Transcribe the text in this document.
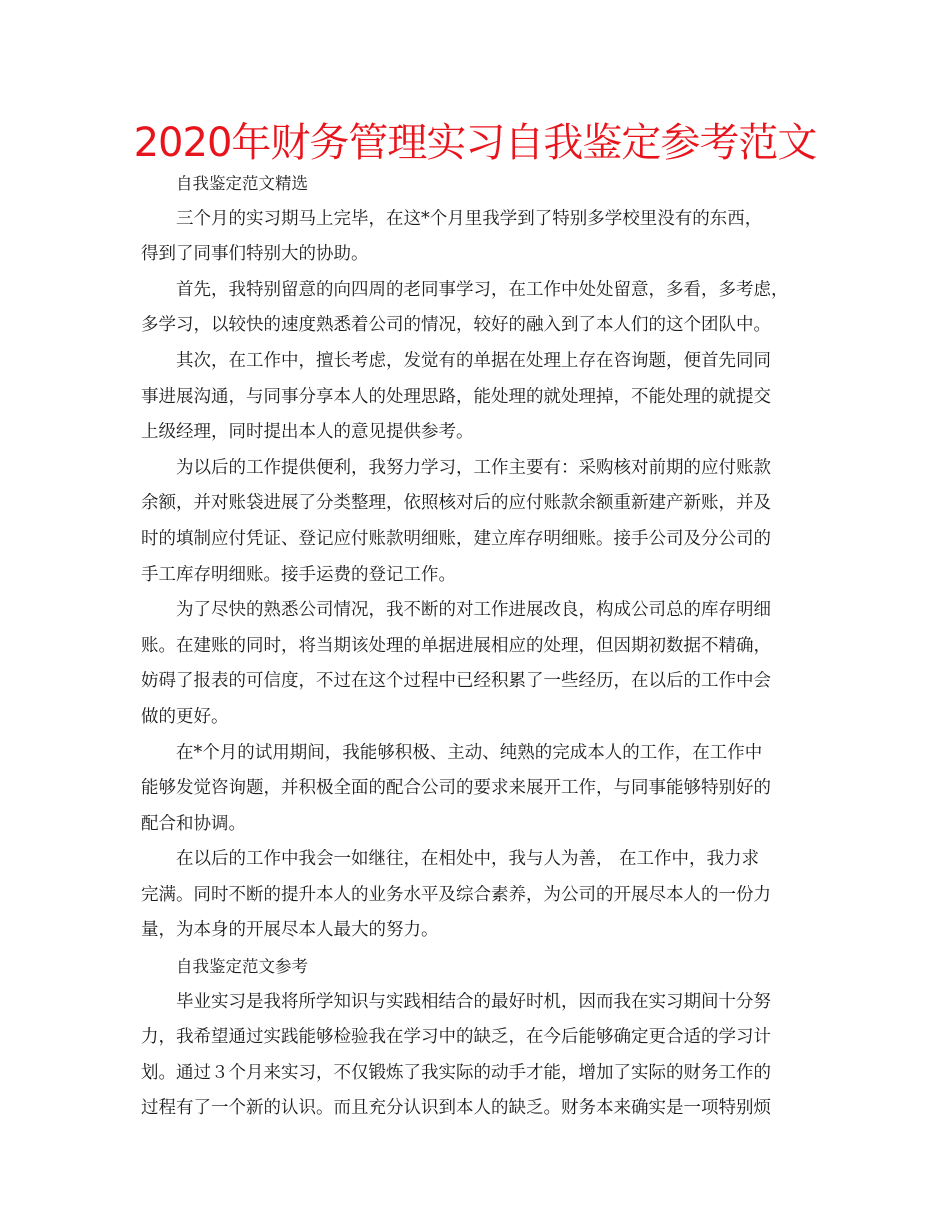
2020年财务管理实习自我鉴定参考范文
自我鉴定范文精选
三个月的实习期马上完毕，在这*个月里我学到了特别多学校里没有的东西，
得到了同事们特别大的协助。
首先，我特别留意的向四周的老同事学习，在工作中处处留意，多看，多考虑，
多学习，以较快的速度熟悉着公司的情况，较好的融入到了本人们的这个团队中。
其次，在工作中，擅长考虑，发觉有的单据在处理上存在咨询题，便首先同同
事进展沟通，与同事分享本人的处理思路，能处理的就处理掉，不能处理的就提交
上级经理，同时提出本人的意见提供参考。
为以后的工作提供便利，我努力学习，工作主要有：采购核对前期的应付账款
余额，并对账袋进展了分类整理，依照核对后的应付账款余额重新建产新账，并及
时的填制应付凭证、登记应付账款明细账，建立库存明细账。接手公司及分公司的
手工库存明细账。接手运费的登记工作。
为了尽快的熟悉公司情况，我不断的对工作进展改良，构成公司总的库存明细
账。在建账的同时，将当期该处理的单据进展相应的处理，但因期初数据不精确，
妨碍了报表的可信度，不过在这个过程中已经积累了一些经历，在以后的工作中会
做的更好。
在*个月的试用期间，我能够积极、主动、纯熟的完成本人的工作，在工作中
能够发觉咨询题，并积极全面的配合公司的要求来展开工作，与同事能够特别好的
配合和协调。
在以后的工作中我会一如继往，在相处中，我与人为善， 在工作中，我力求
完满。同时不断的提升本人的业务水平及综合素养，为公司的开展尽本人的一份力
量，为本身的开展尽本人最大的努力。
自我鉴定范文参考
毕业实习是我将所学知识与实践相结合的最好时机，因而我在实习期间十分努
力，我希望通过实践能够检验我在学习中的缺乏，在今后能够确定更合适的学习计
划。通过３个月来实习，不仅锻炼了我实际的动手才能，增加了实际的财务工作的
过程有了一个新的认识。而且充分认识到本人的缺乏。财务本来确实是一项特别烦
